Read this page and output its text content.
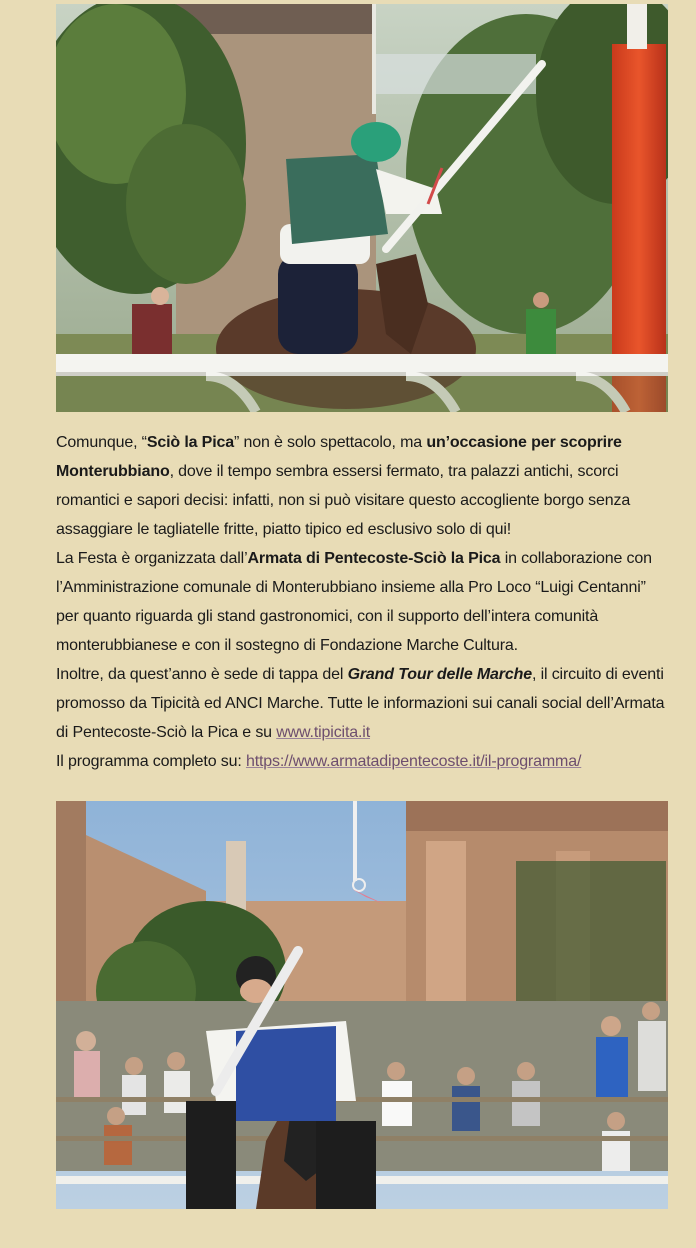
Comunque, “Sciò la Pica” non è solo spettacolo, ma un’occasione per scoprire Monterubbiano, dove il tempo sembra essersi fermato, tra palazzi antichi, scorci romantici e sapori decisi: infatti, non si può visitare questo accogliente borgo senza assaggiare le tagliatelle fritte, piatto tipico ed esclusivo solo di qui!

La Festa è organizzata dall’Armata di Pentecoste-Sciò la Pica in collaborazione con l’Amministrazione comunale di Monterubbiano insieme alla Pro Loco “Luigi Centanni” per quanto riguarda gli stand gastronomici, con il supporto dell’intera comunità monterubbianese e con il sostegno di Fondazione Marche Cultura.

Inoltre, da quest’anno è sede di tappa del Grand Tour delle Marche, il circuito di eventi promosso da Tipicità ed ANCI Marche. Tutte le informazioni sui canali social dell’Armata di Pentecoste-Sciò la Pica e su www.tipicita.it

Il programma completo su: https://www.armatadipentecoste.it/il-programma/
